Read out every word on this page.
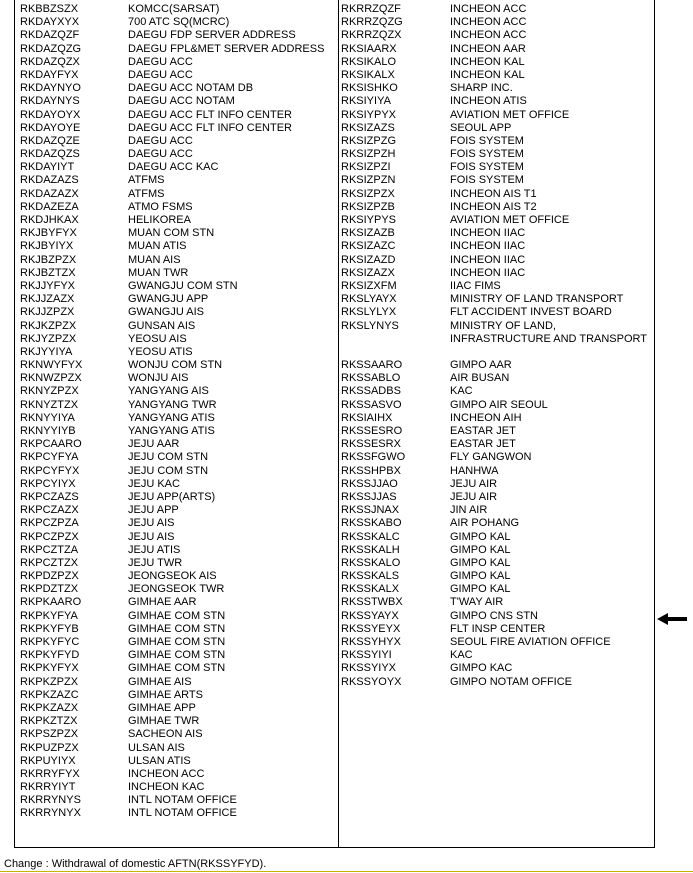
RKBBZSZX	KOMCC(SARSAT)
RKDAYXYX	700 ATC SQ(MCRC)
RKDAZQZF	DAEGU FDP SERVER ADDRESS
RKDAZQZG	DAEGU FPL&MET SERVER ADDRESS
RKDAZQZX	DAEGU ACC
RKDAYFYX	DAEGU ACC
RKDAYNYO	DAEGU ACC NOTAM DB
RKDAYNYS	DAEGU ACC NOTAM
RKDAYOYX	DAEGU ACC FLT INFO CENTER
RKDAYOYE	DAEGU ACC FLT INFO CENTER
RKDAZQZE	DAEGU ACC
RKDAZQZS	DAEGU ACC
RKDAYIYT	DAEGU ACC KAC
RKDAZAZS	ATFMS
RKDAZAZX	ATFMS
RKDAZEZA	ATMO FSMS
RKDJHKAX	HELIKOREA
RKJBYFYX	MUAN COM STN
RKJBYIYX	MUAN ATIS
RKJBZPZX	MUAN AIS
RKJBZTZX	MUAN TWR
RKJJYFYX	GWANGJU COM STN
RKJJZAZX	GWANGJU APP
RKJJZPZX	GWANGJU AIS
RKJKZPZX	GUNSAN AIS
RKJYZPZX	YEOSU AIS
RKJYYIYA	YEOSU ATIS
RKNWYFYX	WONJU COM STN
RKNWZPZX	WONJU AIS
RKNYZPZX	YANGYANG AIS
RKNYZTZX	YANGYANG TWR
RKNYYIYA	YANGYANG ATIS
RKNYYIYB	YANGYANG ATIS
RKPCAARO	JEJU AAR
RKPCYFYA	JEJU COM STN
RKPCYFYX	JEJU COM STN
RKPCYIYX	JEJU KAC
RKPCZAZS	JEJU APP(ARTS)
RKPCZAZX	JEJU APP
RKPCZPZA	JEJU AIS
RKPCZPZX	JEJU AIS
RKPCZTZA	JEJU ATIS
RKPCZTZX	JEJU TWR
RKPDZPZX	JEONGSEOK AIS
RKPDZTZX	JEONGSEOK TWR
RKPKAARO	GIMHAE AAR
RKPKYFYA	GIMHAE COM STN
RKPKYFYB	GIMHAE COM STN
RKPKYFYC	GIMHAE COM STN
RKPKYFYD	GIMHAE COM STN
RKPKYFYX	GIMHAE COM STN
RKPKZPZX	GIMHAE AIS
RKPKZAZC	GIMHAE ARTS
RKPKZAZX	GIMHAE APP
RKPKZTZX	GIMHAE TWR
RKPSZPZX	SACHEON AIS
RKPUZPZX	ULSAN AIS
RKPUYIYX	ULSAN ATIS
RKRRYFYX	INCHEON ACC
RKRRYIYT	INCHEON KAC
RKRRYNYS	INTL NOTAM OFFICE
RKRRYNYX	INTL NOTAM OFFICE
RKRRZQZF	INCHEON ACC
RKRRZQZG	INCHEON ACC
RKRRZQZX	INCHEON ACC
RKSIAARX	INCHEON AAR
RKSIKALO	INCHEON KAL
RKSIKALX	INCHEON KAL
RKSISHKO	SHARP INC.
RKSIYIYA	INCHEON ATIS
RKSIYPYX	AVIATION MET OFFICE
RKSIZAZS	SEOUL APP
RKSIZPZG	FOIS SYSTEM
RKSIZPZH	FOIS SYSTEM
RKSIZPZI	FOIS SYSTEM
RKSIZPZN	FOIS SYSTEM
RKSIZPZX	INCHEON AIS T1
RKSIZPZB	INCHEON AIS T2
RKSIYPYS	AVIATION MET OFFICE
RKSIZAZB	INCHEON IIAC
RKSIZAZC	INCHEON IIAC
RKSIZAZD	INCHEON IIAC
RKSIZAZX	INCHEON IIAC
RKSIZXFM	IIAC FIMS
RKSLYAYX	MINISTRY OF LAND TRANSPORT
RKSLYLYX	FLT ACCIDENT INVEST BOARD
RKSLYNYS	MINISTRY OF LAND,
INFRASTRUCTURE AND TRANSPORT
RKSSAARO	GIMPO AAR
RKSSABLO	AIR BUSAN
RKSSADBS	KAC
RKSSASVO	GIMPO AIR SEOUL
RKSIAIHX	INCHEON AIH
RKSSESRO	EASTAR JET
RKSSESRX	EASTAR JET
RKSSFGWO	FLY GANGWON
RKSSHPBX	HANHWA
RKSSJJAO	JEJU AIR
RKSSJJAS	JEJU AIR
RKSSJNAX	JIN AIR
RKSSKABO	AIR POHANG
RKSSKALC	GIMPO KAL
RKSSKALH	GIMPO KAL
RKSSKALO	GIMPO KAL
RKSSKALS	GIMPO KAL
RKSSKALX	GIMPO KAL
RKSSTWBX	T'WAY AIR
RKSSYAYX	GIMPO CNS STN
RKSSYEYX	FLT INSP CENTER
RKSSYHYX	SEOUL FIRE AVIATION OFFICE
RKSSYIYI	KAC
RKSSYIYX	GIMPO KAC
RKSSYOYX	GIMPO NOTAM OFFICE
Change : Withdrawal of domestic AFTN(RKSSYFYD).
